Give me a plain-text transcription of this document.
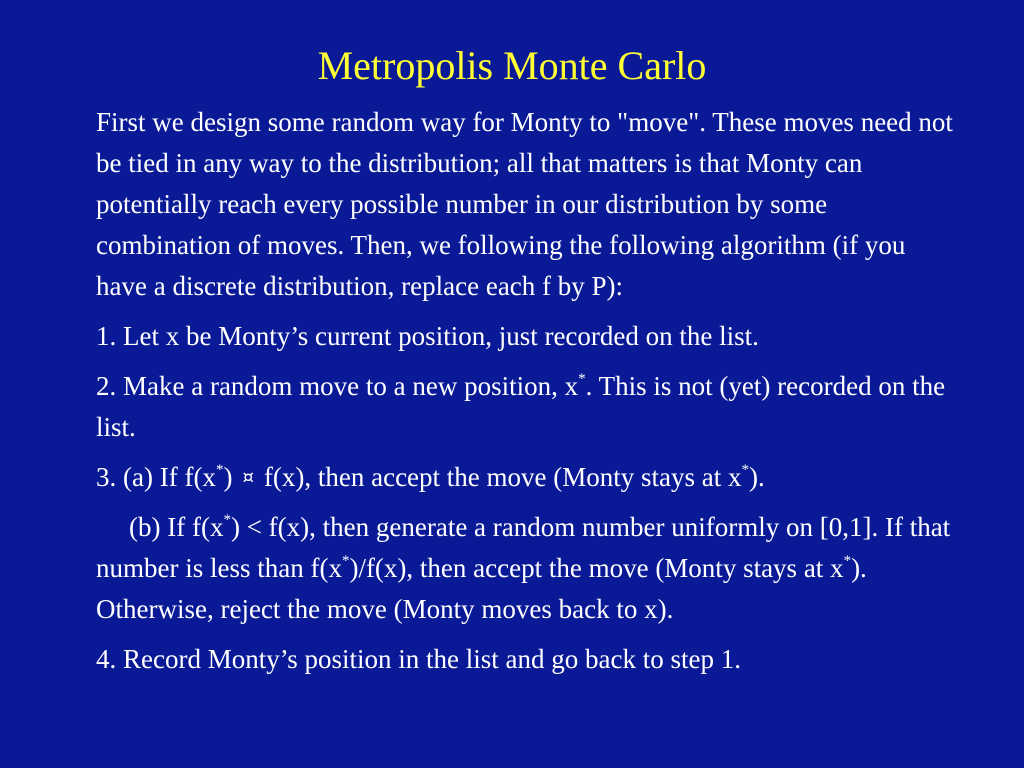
Metropolis Monte Carlo

First we design some random way for Monty to "move". These moves need not be tied in any way to the distribution; all that matters is that Monty can potentially reach every possible number in our distribution by some combination of moves. Then, we following the following algorithm (if you have a discrete distribution, replace each f by P):

1. Let x be Monty’s current position, just recorded on the list.

2. Make a random move to a new position, x*. This is not (yet) recorded on the list.

3. (a) If f(x*) ¤ f(x), then accept the move (Monty stays at x*).

(b) If f(x*) < f(x), then generate a random number uniformly on [0,1]. If that number is less than f(x*)/f(x), then accept the move (Monty stays at x*). Otherwise, reject the move (Monty moves back to x).

4. Record Monty’s position in the list and go back to step 1.
